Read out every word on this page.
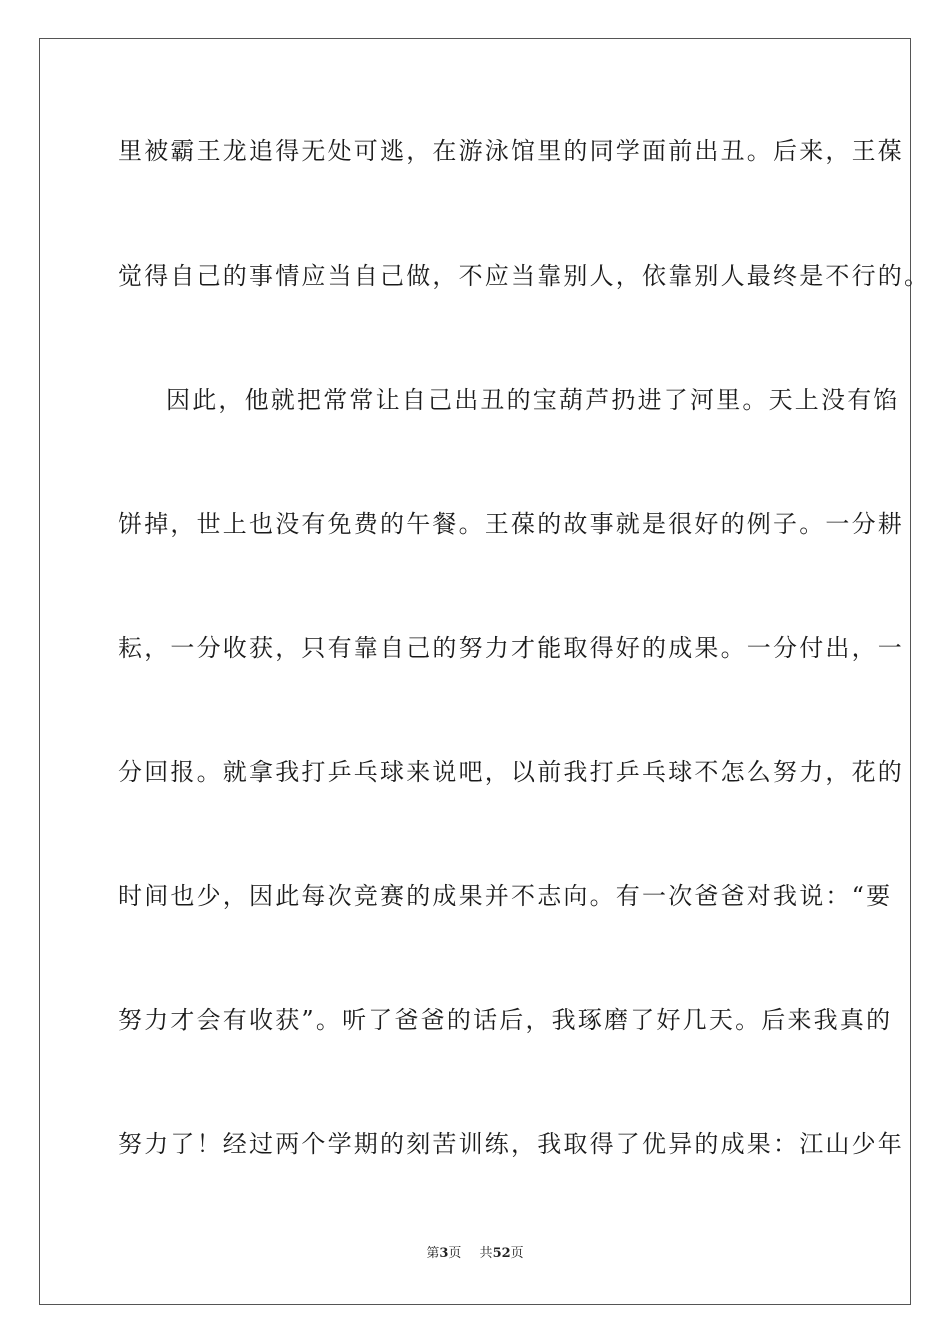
里被霸王龙追得无处可逃，在游泳馆里的同学面前出丑。后来，王葆
觉得自己的事情应当自己做，不应当靠别人，依靠别人最终是不行的。
因此，他就把常常让自己出丑的宝葫芦扔进了河里。天上没有馅
饼掉，世上也没有免费的午餐。王葆的故事就是很好的例子。一分耕
耘，一分收获，只有靠自己的努力才能取得好的成果。一分付出，一
分回报。就拿我打乒乓球来说吧，以前我打乒乓球不怎么努力，花的
时间也少，因此每次竞赛的成果并不志向。有一次爸爸对我说：“要
努力才会有收获”。听了爸爸的话后，我琢磨了好几天。后来我真的
努力了！经过两个学期的刻苦训练，我取得了优异的成果：江山少年
第3页 共52页
